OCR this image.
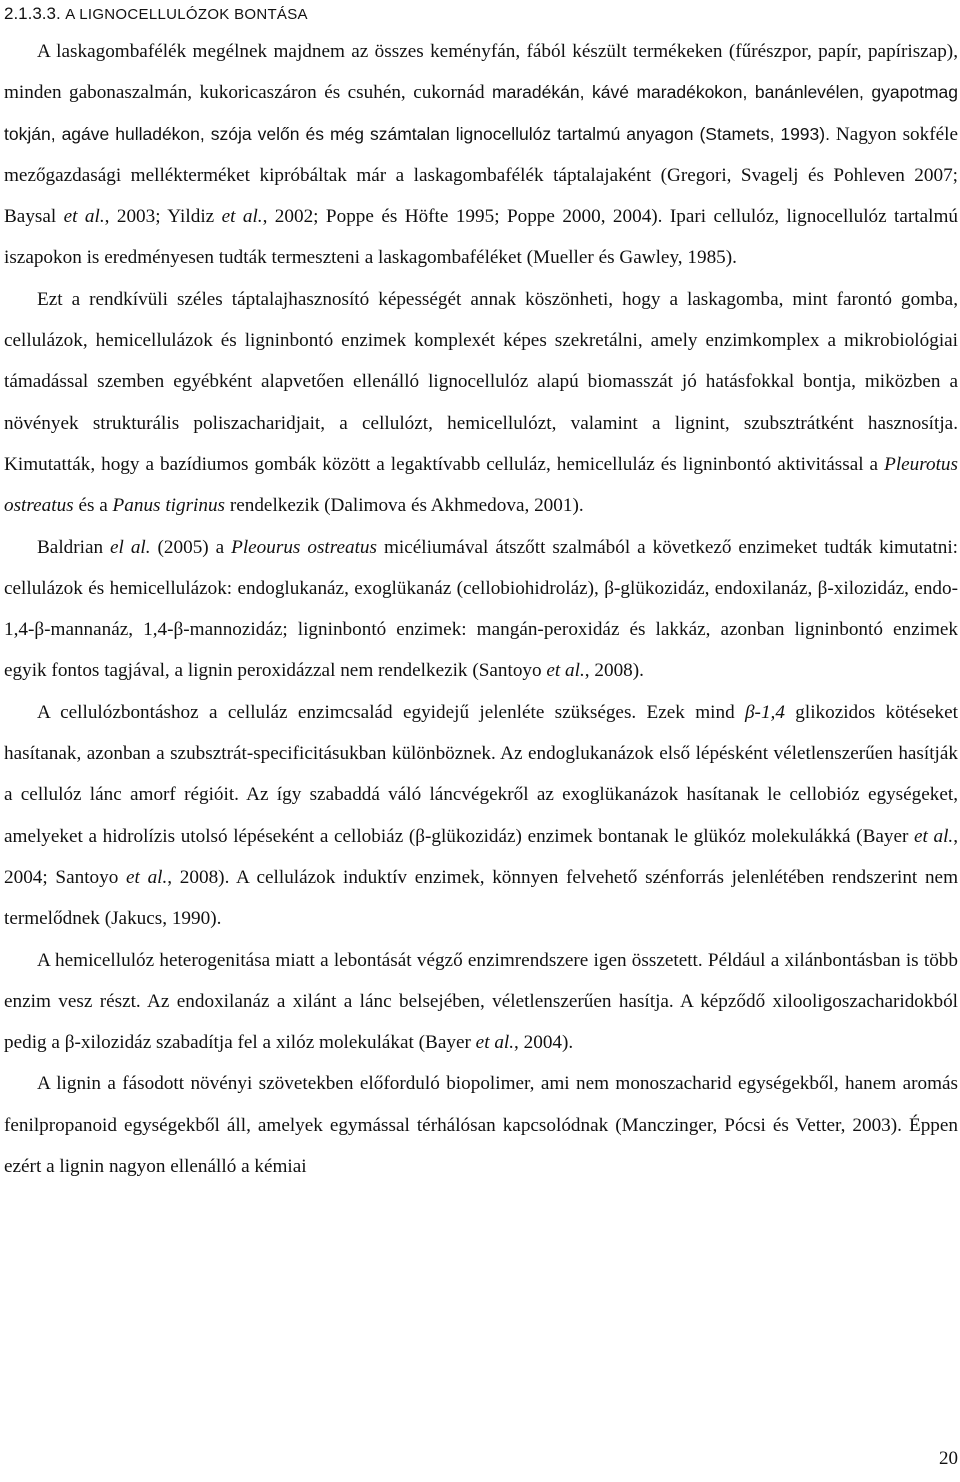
2.1.3.3. A LIGNOCELLULÓZOK BONTÁSA

A laskagombafélék megélnek majdnem az összes keményfán, fából készült termékeken (fűrészpor, papír, papíriszap), minden gabonaszalmán, kukoricaszáron és csuhén, cukornád maradékán, kávé maradékokon, banánlevélen, gyapotmag tokján, agáve hulladékon, szója velőn és még számtalan lignocellulóz tartalmú anyagon (Stamets, 1993). Nagyon sokféle mezőgazdasági mellékterméket kipróbáltak már a laskagombafélék táptalajaként (Gregori, Svagelj és Pohleven 2007; Baysal et al., 2003; Yildiz et al., 2002; Poppe és Höfte 1995; Poppe 2000, 2004). Ipari cellulóz, lignocellulóz tartalmú iszapokon is eredményesen tudták termeszteni a laskagombaféléket (Mueller és Gawley, 1985).

Ezt a rendkívüli széles táptalajhasznosító képességét annak köszönheti, hogy a laskagomba, mint farontó gomba, cellulázok, hemicellulázok és ligninbontó enzimek komplexét képes szekretálni, amely enzimkomplex a mikrobiológiai támadással szemben egyébként alapvetően ellenálló lignocellulóz alapú biomasszát jó hatásfokkal bontja, miközben a növények strukturális poliszacharidjait, a cellulózt, hemicellulózt, valamint a lignint, szubsztrátként hasznosítja. Kimutatták, hogy a bazídiumos gombák között a legaktívabb celluláz, hemicelluláz és ligninbontó aktivitással a Pleurotus ostreatus és a Panus tigrinus rendelkezik (Dalimova és Akhmedova, 2001).

Baldrian el al. (2005) a Pleourus ostreatus micéliumával átszőtt szalmából a következő enzimeket tudták kimutatni: cellulázok és hemicellulázok: endoglukanáz, exoglükanáz (cellobiohidroláz), β-glükozidáz, endoxilanáz, β-xilozidáz, endo-1,4-β-mannanáz, 1,4-β-mannozidáz; ligninbontó enzimek: mangán-peroxidáz és lakkáz, azonban ligninbontó enzimek egyik fontos tagjával, a lignin peroxidázzal nem rendelkezik (Santoyo et al., 2008).

A cellulózbontáshoz a celluláz enzimcsalád egyidejű jelenléte szükséges. Ezek mind β-1,4 glikozidos kötéseket hasítanak, azonban a szubsztrát-specificitásukban különböznek. Az endoglukanázok első lépésként véletlenszerűen hasítják a cellulóz lánc amorf régióit. Az így szabaddá váló láncvégekről az exoglükanázok hasítanak le cellobióz egységeket, amelyeket a hidrolízis utolsó lépéseként a cellobiáz (β-glükozidáz) enzimek bontanak le glükóz molekulákká (Bayer et al., 2004; Santoyo et al., 2008). A cellulázok induktív enzimek, könnyen felvehető szénforrás jelenlétében rendszerint nem termelődnek (Jakucs, 1990).

A hemicellulóz heterogenitása miatt a lebontását végző enzimrendszere igen összetett. Például a xilánbontásban is több enzim vesz részt. Az endoxilanáz a xilánt a lánc belsejében, véletlenszerűen hasítja. A képződő xilooligoszacharidokból pedig a β-xilozidáz szabadítja fel a xilóz molekulákat (Bayer et al., 2004).

A lignin a fásodott növényi szövetekben előforduló biopolimer, ami nem monoszacharid egységekből, hanem aromás fenilpropanoid egységekből áll, amelyek egymással térhálósan kapcsolódnak (Manczinger, Pócsi és Vetter, 2003). Éppen ezért a lignin nagyon ellenálló a kémiai

20
